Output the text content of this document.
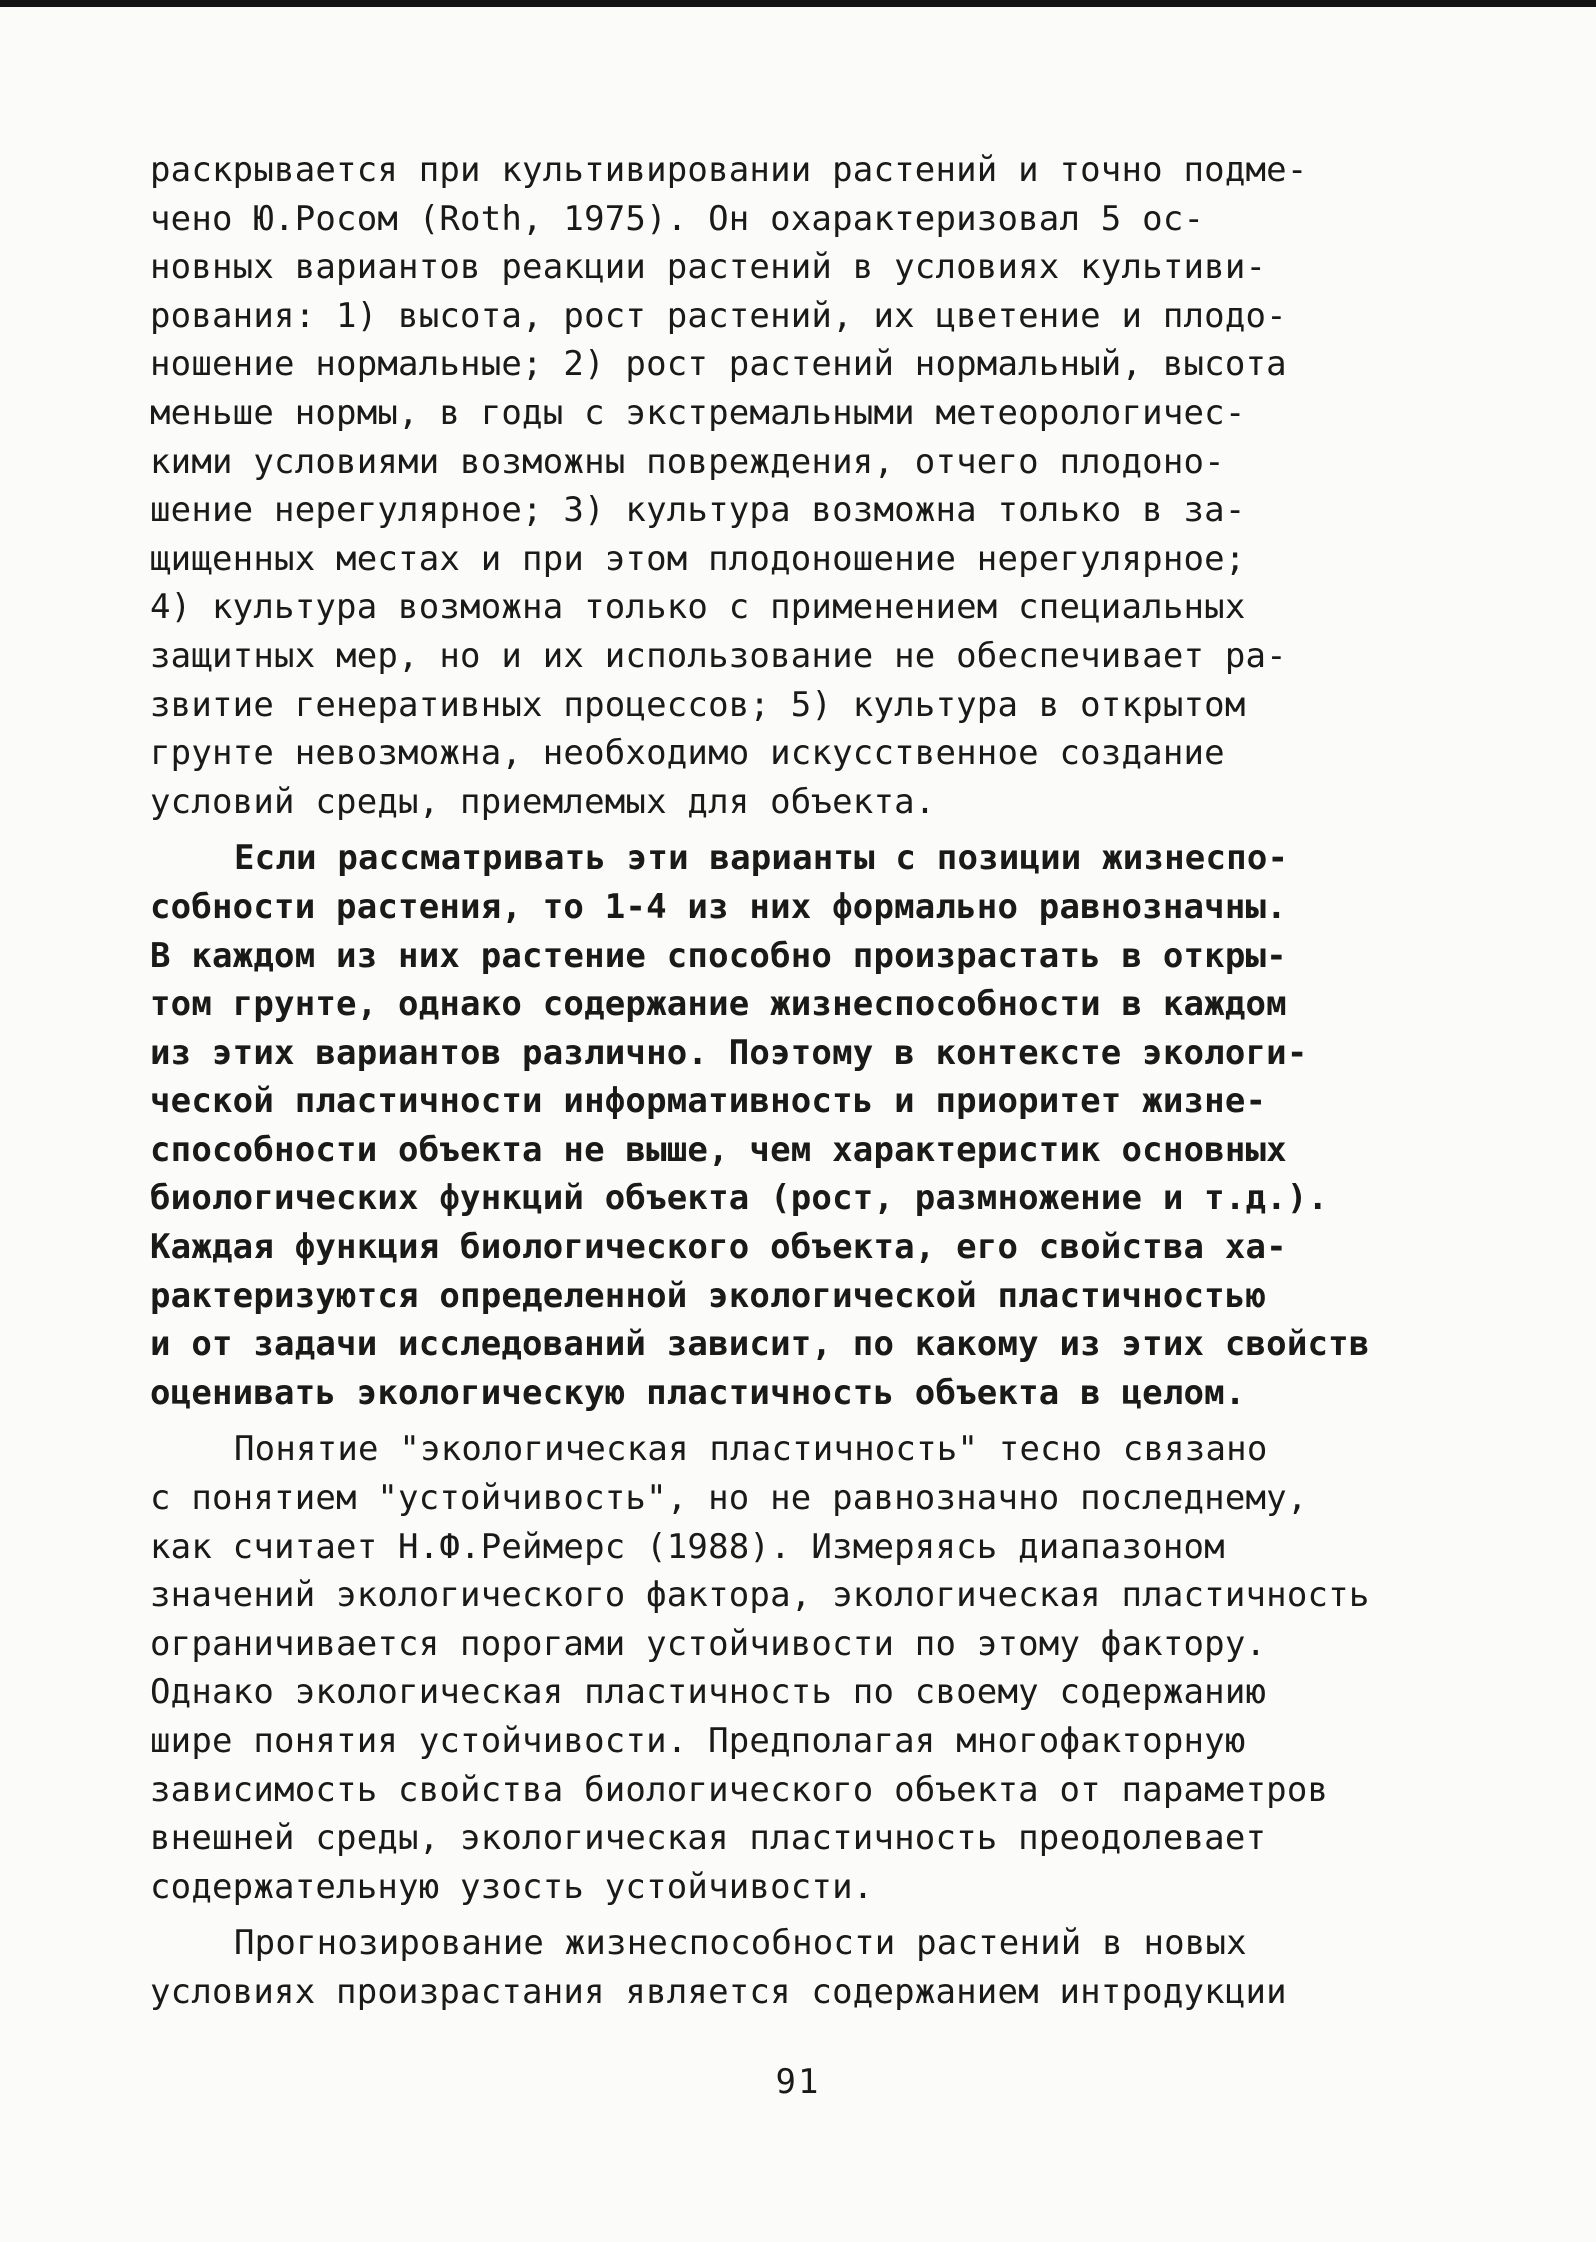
раскрывается при культивировании растений и точно подме-
чено Ю.Росом (Roth, 1975). Он охарактеризовал 5 ос-
новных вариантов реакции растений в условиях культиви-
рования: 1) высота, рост растений, их цветение и плодо-
ношение нормальные; 2) рост растений нормальный, высота
меньше нормы, в годы с экстремальными метеорологичес-
кими условиями возможны повреждения, отчего плодоно-
шение нерегулярное; 3) культура возможна только в за-
щищенных местах и при этом плодоношение нерегулярное;
4) культура возможна только с применением специальных
защитных мер, но и их использование не обеспечивает ра-
звитие генеративных процессов; 5) культура в открытом
грунте невозможна, необходимо искусственное создание
условий среды, приемлемых для объекта.
Если рассматривать эти варианты с позиции жизнеспо-
собности растения, то 1-4 из них формально равнозначны.
В каждом из них растение способно произрастать в откры-
том грунте, однако содержание жизнеспособности в каждом
из этих вариантов различно. Поэтому в контексте экологи-
ческой пластичности информативность и приоритет жизне-
способности объекта не выше, чем характеристик основных
биологических функций объекта (рост, размножение и т.д.).
Каждая функция биологического объекта, его свойства ха-
рактеризуются определенной экологической пластичностью
и от задачи исследований зависит, по какому из этих свойств
оценивать экологическую пластичность объекта в целом.
Понятие "экологическая пластичность" тесно связано
с понятием "устойчивость", но не равнозначно последнему,
как считает Н.Ф.Реймерс (1988). Измеряясь диапазоном
значений экологического фактора, экологическая пластичность
ограничивается порогами устойчивости по этому фактору.
Однако экологическая пластичность по своему содержанию
шире понятия устойчивости. Предполагая многофакторную
зависимость свойства биологического объекта от параметров
внешней среды, экологическая пластичность преодолевает
содержательную узость устойчивости.
Прогнозирование жизнеспособности растений в новых
условиях произрастания является содержанием интродукции
91
